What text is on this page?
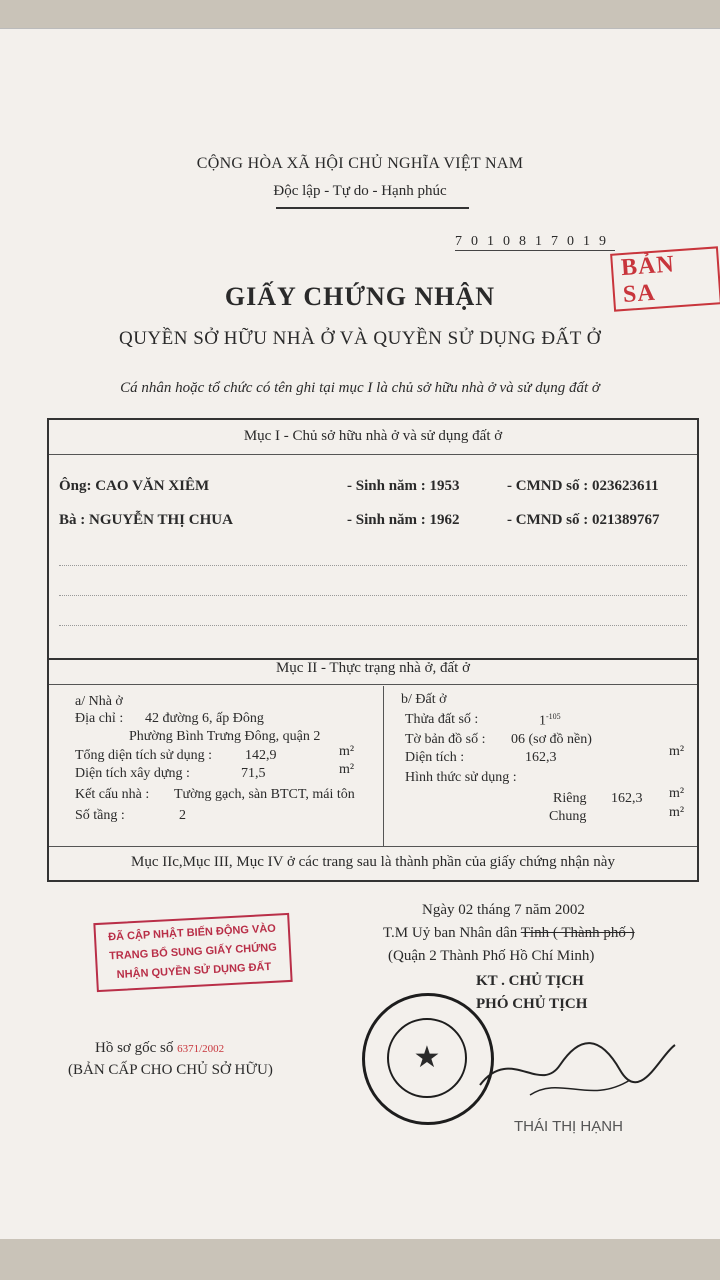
CỘNG HÒA XÃ HỘI CHỦ NGHĨA VIỆT NAM
Độc lập - Tự do - Hạnh phúc
7010817019
BẢN SA
GIẤY CHỨNG NHẬN
QUYỀN SỞ HỮU NHÀ Ở VÀ QUYỀN SỬ DỤNG ĐẤT Ở
Cá nhân hoặc tổ chức có tên ghi tại mục I là chủ sở hữu nhà ở và sử dụng đất ở
Mục I - Chủ sở hữu nhà ở và sử dụng đất ở
Ông: CAO VĂN XIÊM	- Sinh năm : 1953	- CMND số : 023623611
Bà : NGUYỄN THỊ CHUA	- Sinh năm : 1962	- CMND số : 021389767
Mục II - Thực trạng nhà ở, đất ở
a/ Nhà ở
Địa chỉ : 42 đường 6, ấp Đông
Phường Bình Trưng Đông, quận 2
Tổng diện tích sử dụng : 142,9	m²
Diện tích xây dựng :	71,5	m²
Kết cấu nhà : Tường gạch, sàn BTCT, mái tôn
Số tầng :	2
b/ Đất ở
Thửa đất số :	$1^{-105}$
Tờ bản đồ số : 06 (sơ đồ nền)
Diện tích :	162,3	m²
Hình thức sử dụng :
Riêng 162,3 m²
Chung	m²
Mục IIc,Mục III, Mục IV ở các trang sau là thành phần của giấy chứng nhận này
Ngày 02 tháng 7 năm 2002
T.M Uỷ ban Nhân dân Tỉnh ( Thành phố )
(Quận 2 Thành Phố Hồ Chí Minh)
KT . CHỦ TỊCH
PHÓ CHỦ TỊCH
ĐÃ CẬP NHẬT BIẾN ĐỘNG VÀO
TRANG BỔ SUNG GIẤY CHỨNG
NHẬN QUYỀN SỬ DỤNG ĐẤT
★
THÁI THỊ HẠNH
Hồ sơ gốc số 6371/2002
(BẢN CẤP CHO CHỦ SỞ HỮU)
